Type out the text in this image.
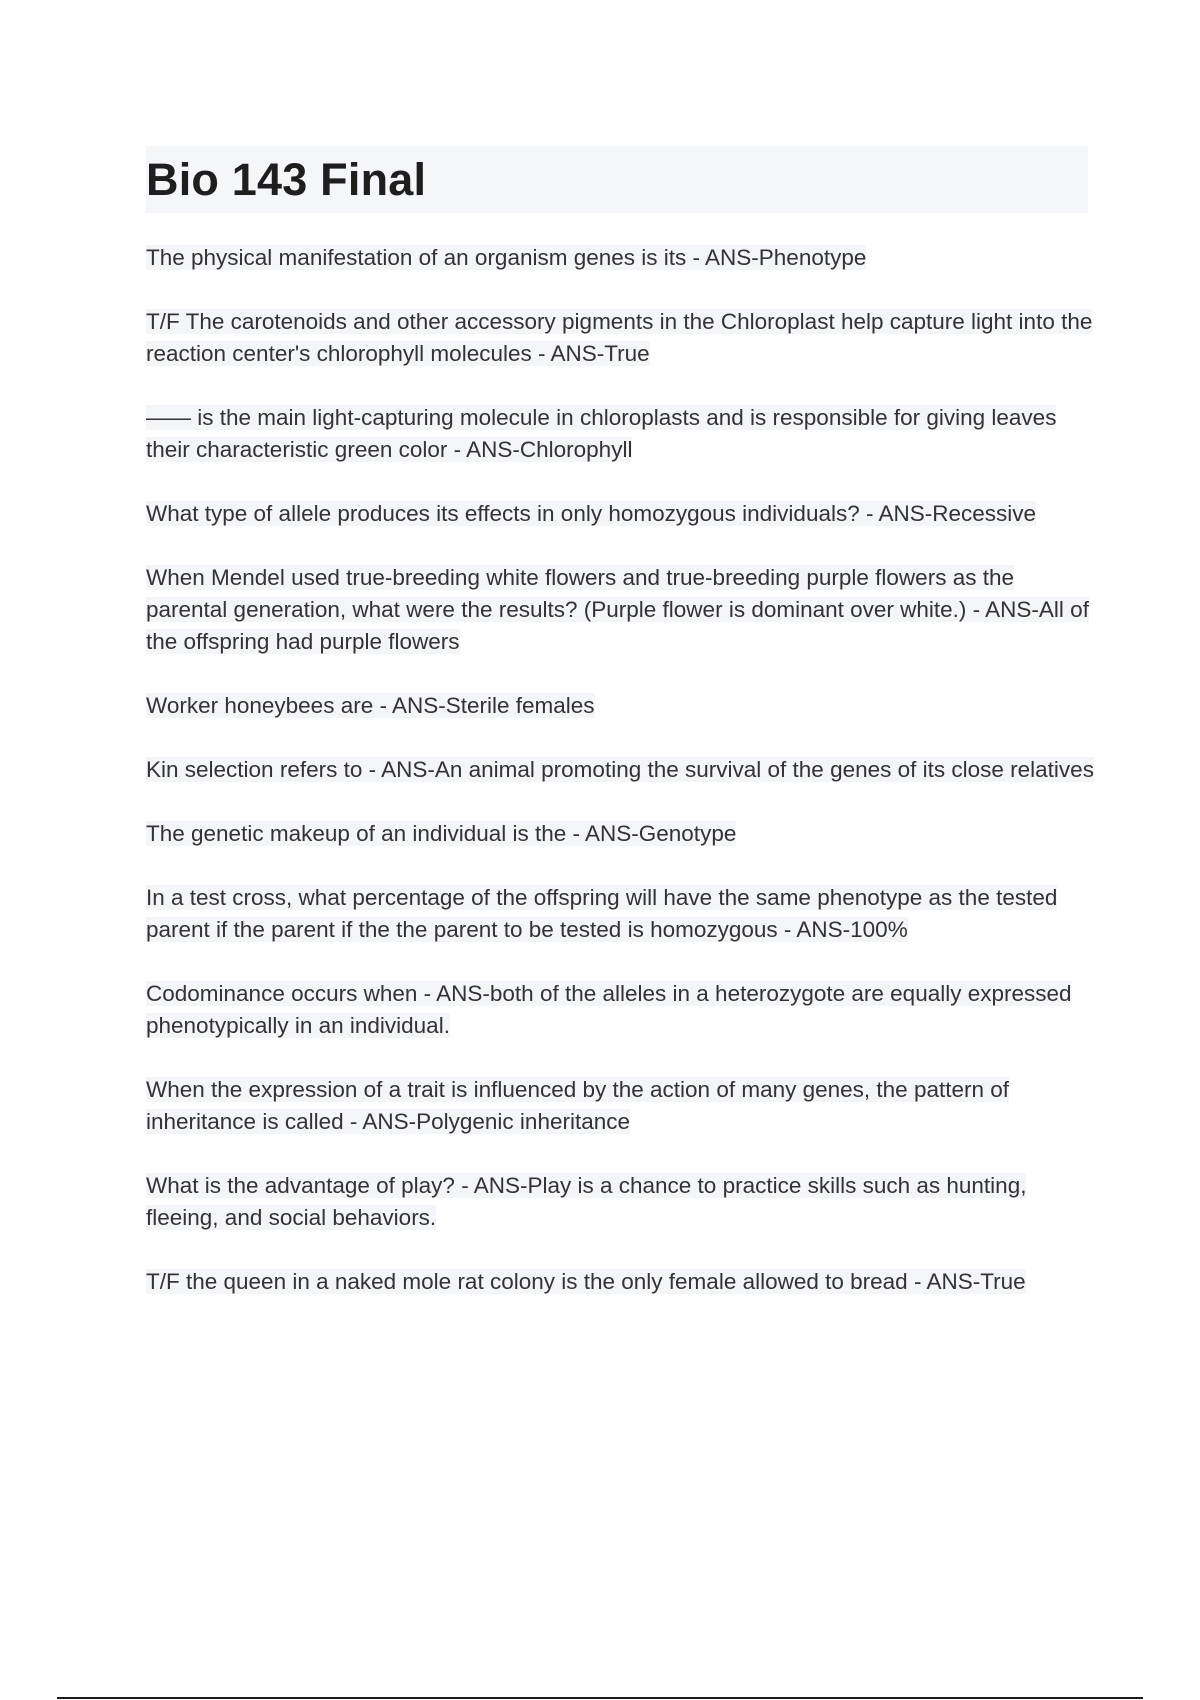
Bio 143 Final

The physical manifestation of an organism genes is its - ANS-Phenotype

T/F The carotenoids and other accessory pigments in the Chloroplast help capture light into the reaction center's chlorophyll molecules - ANS-True

—— is the main light-capturing molecule in chloroplasts and is responsible for giving leaves their characteristic green color - ANS-Chlorophyll

What type of allele produces its effects in only homozygous individuals? - ANS-Recessive

When Mendel used true-breeding white flowers and true-breeding purple flowers as the parental generation, what were the results? (Purple flower is dominant over white.) - ANS-All of the offspring had purple flowers

Worker honeybees are - ANS-Sterile females

Kin selection refers to - ANS-An animal promoting the survival of the genes of its close relatives

The genetic makeup of an individual is the - ANS-Genotype

In a test cross, what percentage of the offspring will have the same phenotype as the tested parent if the parent if the the parent to be tested is homozygous - ANS-100%

Codominance occurs when - ANS-both of the alleles in a heterozygote are equally expressed phenotypically in an individual.

When the expression of a trait is influenced by the action of many genes, the pattern of inheritance is called - ANS-Polygenic inheritance

What is the advantage of play? - ANS-Play is a chance to practice skills such as hunting, fleeing, and social behaviors.

T/F the queen in a naked mole rat colony is the only female allowed to bread - ANS-True
